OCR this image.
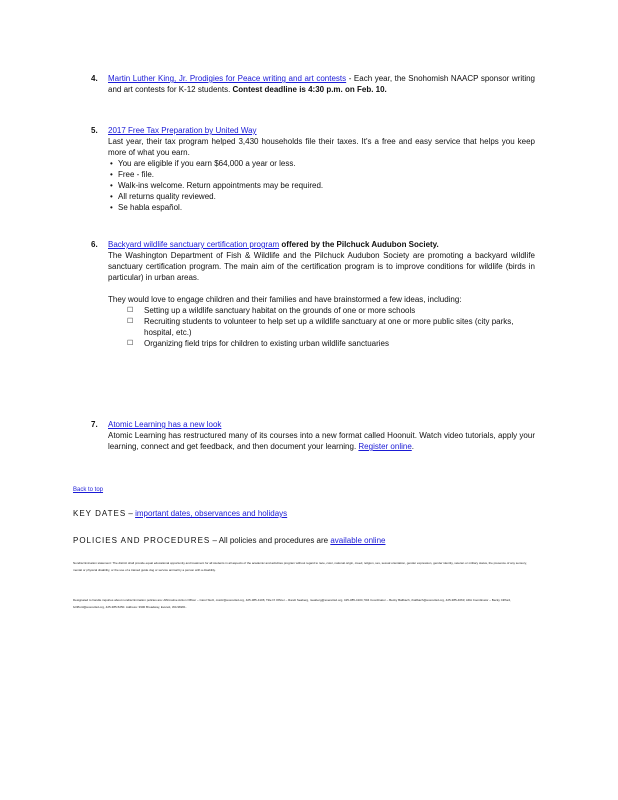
4. Martin Luther King, Jr. Prodigies for Peace writing and art contests - Each year, the Snohomish NAACP sponsor writing and art contests for K-12 students. Contest deadline is 4:30 p.m. on Feb. 10.
5. 2017 Free Tax Preparation by United Way
Last year, their tax program helped 3,430 households file their taxes. It's a free and easy service that helps you keep more of what you earn.
• You are eligible if you earn $64,000 a year or less.
• Free - file.
• Walk-ins welcome. Return appointments may be required.
• All returns quality reviewed.
• Se habla español.
6. Backyard wildlife sanctuary certification program offered by the Pilchuck Audubon Society.
The Washington Department of Fish & Wildlife and the Pilchuck Audubon Society are promoting a backyard wildlife sanctuary certification program. The main aim of the certification program is to improve conditions for wildlife (birds in particular) in urban areas.
They would love to engage children and their families and have brainstormed a few ideas, including:
☐ Setting up a wildlife sanctuary habitat on the grounds of one or more schools
☐ Recruiting students to volunteer to help set up a wildlife sanctuary at one or more public sites (city parks, hospital, etc.)
☐ Organizing field trips for children to existing urban wildlife sanctuaries
7. Atomic Learning has a new look
Atomic Learning has restructured many of its courses into a new format called Hoonuit. Watch video tutorials, apply your learning, connect and get feedback, and then document your learning. Register online.
Back to top
KEY DATES – important dates, observances and holidays
POLICIES AND PROCEDURES – All policies and procedures are available online
Nondiscrimination statement: The district shall provide equal educational opportunity and treatment for all students in all aspects of the academic and activities program without regard to race, color, national origin, creed, religion, sex, sexual orientation, gender expression, gender identity, veteran or military status, the presence of any sensory, mental or physical disability, or the use of a trained guide dog or service animal by a person with a disability.
Designated to handle inquiries about nondiscrimination policies are: Affirmative Action Officer – Carol Stolz, cstolz@everettsd.org, 425-385-4106; Title IX Officer – Randi Seaberg, rseaberg@everettsd.org, 425-385-4104; 504 Coordinator – Becky Ballbach, rballbach@everettsd.org, 425-385-4063; ADA Coordinator – Becky Clifford, bclifford@everettsd.org, 425-385-5250. Address: 3900 Broadway, Everett, WA 98201.
